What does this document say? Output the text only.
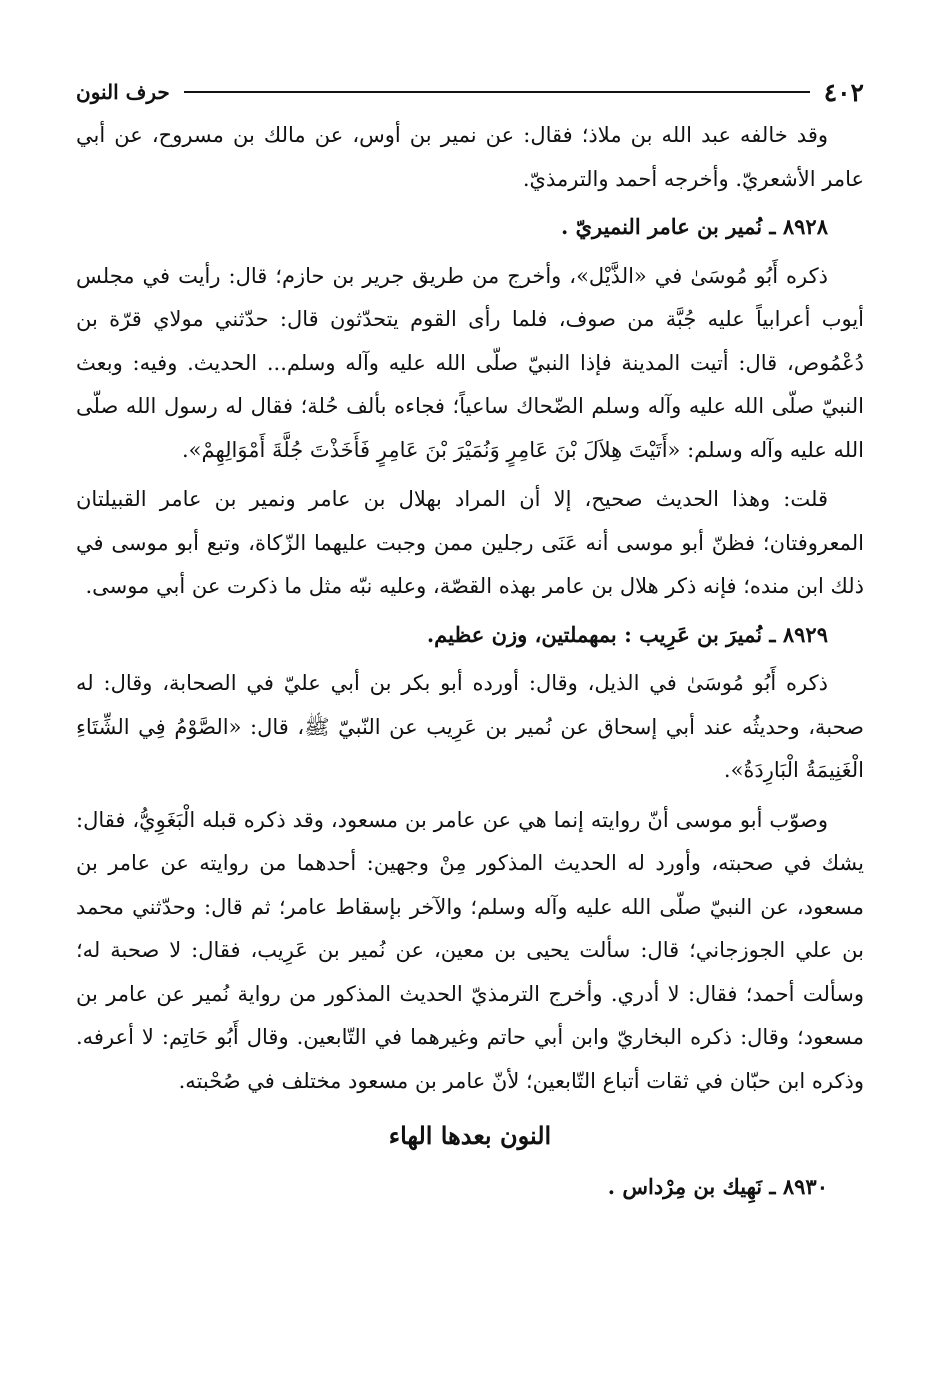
٤٠٢
حرف النون

وقد خالفه عبد الله بن ملاذ؛ فقال: عن نمير بن أوس، عن مالك بن مسروح، عن أبي عامر الأشعريّ. وأخرجه أحمد والترمذيّ.

٨٩٢٨ ـ نُمير بن عامر النميريّ .

ذكره أَبُو مُوسَىٰ في «الذَّيْل»، وأخرج من طريق جرير بن حازم؛ قال: رأيت في مجلس أيوب أعرابياً عليه جُبَّة من صوف، فلما رأى القوم يتحدّثون قال: حدّثني مولاي قرّة بن دُعْمُوص، قال: أتيت المدينة فإذا النبيّ صلّى الله عليه وآله وسلم... الحديث. وفيه: وبعث النبيّ صلّى الله عليه وآله وسلم الضّحاك ساعياً؛ فجاءه بألف حُلة؛ فقال له رسول الله صلّى الله عليه وآله وسلم: «أَتَيْتَ هِلاَلَ بْنَ عَامِرٍ وَنُمَيْرَ بْنَ عَامِرٍ فَأَخَذْتَ جُلَّةَ أَمْوَالِهِمْ».

قلت: وهذا الحديث صحيح، إلا أن المراد بهلال بن عامر ونمير بن عامر القبيلتان المعروفتان؛ فظنّ أبو موسى أنه عَنَى رجلين ممن وجبت عليهما الزّكاة، وتبع أبو موسى في ذلك ابن منده؛ فإنه ذكر هلال بن عامر بهذه القصّة، وعليه نبّه مثل ما ذكرت عن أبي موسى.

٨٩٢٩ ـ نُميرَ بن عَرِيب : بمهملتين، وزن عظيم.

ذكره أَبُو مُوسَىٰ في الذيل، وقال: أورده أبو بكر بن أبي عليّ في الصحابة، وقال: له صحبة، وحديثُه عند أبي إسحاق عن نُمير بن عَرِيب عن النّبيّ ﷺ، قال: «الصَّوْمُ فِي الشِّتَاءِ الْغَنِيمَةُ الْبَارِدَةُ».

وصوّب أبو موسى أنّ روايته إنما هي عن عامر بن مسعود، وقد ذكره قبله الْبَغَوِيُّ، فقال: يشك في صحبته، وأورد له الحديث المذكور مِنْ وجهين: أحدهما من روايته عن عامر بن مسعود، عن النبيّ صلّى الله عليه وآله وسلم؛ والآخر بإسقاط عامر؛ ثم قال: وحدّثني محمد بن علي الجوزجاني؛ قال: سألت يحيى بن معين، عن نُمير بن عَرِيب، فقال: لا صحبة له؛ وسألت أحمد؛ فقال: لا أدري. وأخرج الترمذيّ الحديث المذكور من رواية نُمير عن عامر بن مسعود؛ وقال: ذكره البخاريّ وابن أبي حاتم وغيرهما في التّابعين. وقال أَبُو حَاتِم: لا أعرفه. وذكره ابن حبّان في ثقات أتباع التّابعين؛ لأنّ عامر بن مسعود مختلف في صُحْبته.

النون بعدها الهاء

٨٩٣٠ ـ نَهِيك بن مِرْداس .
